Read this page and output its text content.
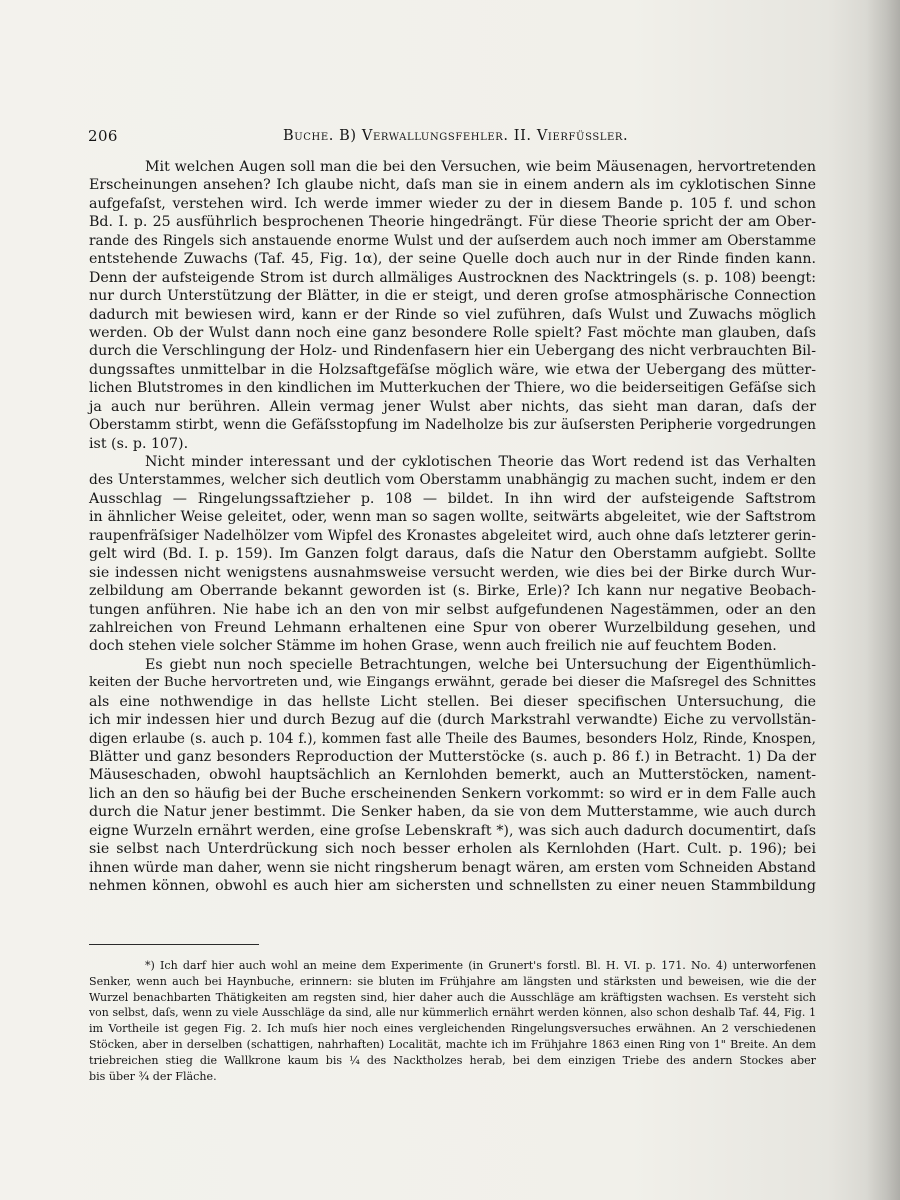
206	Buche. B) Verwallungsfehler. II. Vierfüssler.
Mit welchen Augen soll man die bei den Versuchen, wie beim Mäusenagen, hervortretenden
Erscheinungen ansehen? Ich glaube nicht, daſs man sie in einem andern als im cyklotischen Sinne
aufgefaſst, verstehen wird. Ich werde immer wieder zu der in diesem Bande p. 105 f. und schon
Bd. I. p. 25 ausführlich besprochenen Theorie hingedrängt. Für diese Theorie spricht der am Ober-
rande des Ringels sich anstauende enorme Wulst und der auſserdem auch noch immer am Oberstamme
entstehende Zuwachs (Taf. 45, Fig. 1α), der seine Quelle doch auch nur in der Rinde finden kann.
Denn der aufsteigende Strom ist durch allmäliges Austrocknen des Nacktringels (s. p. 108) beengt:
nur durch Unterstützung der Blätter, in die er steigt, und deren groſse atmosphärische Connection
dadurch mit bewiesen wird, kann er der Rinde so viel zuführen, daſs Wulst und Zuwachs möglich
werden. Ob der Wulst dann noch eine ganz besondere Rolle spielt? Fast möchte man glauben, daſs
durch die Verschlingung der Holz- und Rindenfasern hier ein Uebergang des nicht verbrauchten Bil-
dungssaftes unmittelbar in die Holzsaftgefäſse möglich wäre, wie etwa der Uebergang des mütter-
lichen Blutstromes in den kindlichen im Mutterkuchen der Thiere, wo die beiderseitigen Gefäſse sich
ja auch nur berühren. Allein vermag jener Wulst aber nichts, das sieht man daran, daſs der
Oberstamm stirbt, wenn die Gefäſsstopfung im Nadelholze bis zur äuſsersten Peripherie vorgedrungen
ist (s. p. 107).
Nicht minder interessant und der cyklotischen Theorie das Wort redend ist das Verhalten
des Unterstammes, welcher sich deutlich vom Oberstamm unabhängig zu machen sucht, indem er den
Ausschlag — Ringelungssaftzieher p. 108 — bildet. In ihn wird der aufsteigende Saftstrom
in ähnlicher Weise geleitet, oder, wenn man so sagen wollte, seitwärts abgeleitet, wie der Saftstrom
raupenfräſsiger Nadelhölzer vom Wipfel des Kronastes abgeleitet wird, auch ohne daſs letzterer gerin-
gelt wird (Bd. I. p. 159). Im Ganzen folgt daraus, daſs die Natur den Oberstamm aufgiebt. Sollte
sie indessen nicht wenigstens ausnahmsweise versucht werden, wie dies bei der Birke durch Wur-
zelbildung am Oberrande bekannt geworden ist (s. Birke, Erle)? Ich kann nur negative Beobach-
tungen anführen. Nie habe ich an den von mir selbst aufgefundenen Nagestämmen, oder an den
zahlreichen von Freund Lehmann erhaltenen eine Spur von oberer Wurzelbildung gesehen, und
doch stehen viele solcher Stämme im hohen Grase, wenn auch freilich nie auf feuchtem Boden.
Es giebt nun noch specielle Betrachtungen, welche bei Untersuchung der Eigenthümlich-
keiten der Buche hervortreten und, wie Eingangs erwähnt, gerade bei dieser die Maſsregel des Schnittes
als eine nothwendige in das hellste Licht stellen. Bei dieser specifischen Untersuchung, die
ich mir indessen hier und durch Bezug auf die (durch Markstrahl verwandte) Eiche zu vervollstän-
digen erlaube (s. auch p. 104 f.), kommen fast alle Theile des Baumes, besonders Holz, Rinde, Knospen,
Blätter und ganz besonders Reproduction der Mutterstöcke (s. auch p. 86 f.) in Betracht. 1) Da der
Mäuseschaden, obwohl hauptsächlich an Kernlohden bemerkt, auch an Mutterstöcken, nament-
lich an den so häufig bei der Buche erscheinenden Senkern vorkommt: so wird er in dem Falle auch
durch die Natur jener bestimmt. Die Senker haben, da sie von dem Mutterstamme, wie auch durch
eigne Wurzeln ernährt werden, eine groſse Lebenskraft *), was sich auch dadurch documentirt, daſs
sie selbst nach Unterdrückung sich noch besser erholen als Kernlohden (Hart. Cult. p. 196); bei
ihnen würde man daher, wenn sie nicht ringsherum benagt wären, am ersten vom Schneiden Abstand
nehmen können, obwohl es auch hier am sichersten und schnellsten zu einer neuen Stammbildung
*) Ich darf hier auch wohl an meine dem Experimente (in Grunert's forstl. Bl. H. VI. p. 171. No. 4) unterworfenen
Senker, wenn auch bei Haynbuche, erinnern: sie bluten im Frühjahre am längsten und stärksten und beweisen, wie die der
Wurzel benachbarten Thätigkeiten am regsten sind, hier daher auch die Ausschläge am kräftigsten wachsen. Es versteht sich
von selbst, daſs, wenn zu viele Ausschläge da sind, alle nur kümmerlich ernährt werden können, also schon deshalb Taf. 44, Fig. 1
im Vortheile ist gegen Fig. 2. Ich muſs hier noch eines vergleichenden Ringelungsversuches erwähnen. An 2 verschiedenen
Stöcken, aber in derselben (schattigen, nahrhaften) Localität, machte ich im Frühjahre 1863 einen Ring von 1" Breite. An dem
triebreichen stieg die Wallkrone kaum bis ¼ des Nacktholzes herab, bei dem einzigen Triebe des andern Stockes aber
bis über ¾ der Fläche.
